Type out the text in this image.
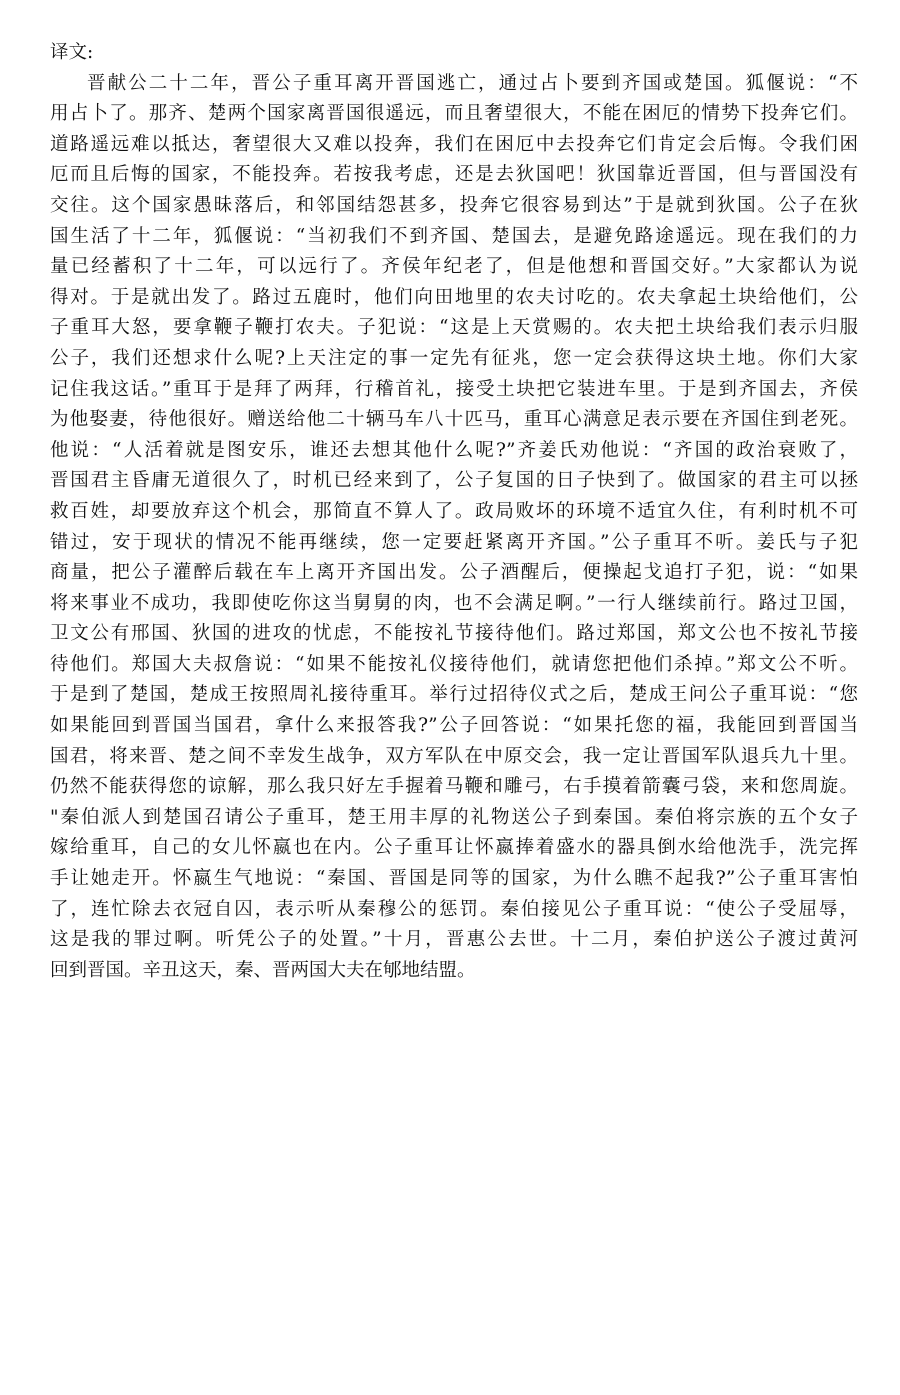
译文:
晋献公二十二年，晋公子重耳离开晋国逃亡，通过占卜要到齐国或楚国。狐偃说：“不
用占卜了。那齐、楚两个国家离晋国很遥远，而且奢望很大，不能在困厄的情势下投奔它们。
道路遥远难以抵达，奢望很大又难以投奔，我们在困厄中去投奔它们肯定会后悔。令我们困
厄而且后悔的国家，不能投奔。若按我考虑，还是去狄国吧！狄国靠近晋国，但与晋国没有
交往。这个国家愚昧落后，和邻国结怨甚多，投奔它很容易到达”于是就到狄国。公子在狄
国生活了十二年，狐偃说：“当初我们不到齐国、楚国去，是避免路途遥远。现在我们的力
量已经蓄积了十二年，可以远行了。齐侯年纪老了，但是他想和晋国交好。”大家都认为说
得对。于是就出发了。路过五鹿时，他们向田地里的农夫讨吃的。农夫拿起土块给他们，公
子重耳大怒，要拿鞭子鞭打农夫。子犯说：“这是上天赏赐的。农夫把土块给我们表示归服
公子，我们还想求什么呢?上天注定的事一定先有征兆，您一定会获得这块土地。你们大家
记住我这话。”重耳于是拜了两拜，行稽首礼，接受土块把它装进车里。于是到齐国去，齐侯
为他娶妻，待他很好。赠送给他二十辆马车八十匹马，重耳心满意足表示要在齐国住到老死。
他说：“人活着就是图安乐，谁还去想其他什么呢?”齐姜氏劝他说：“齐国的政治衰败了，
晋国君主昏庸无道很久了，时机已经来到了，公子复国的日子快到了。做国家的君主可以拯
救百姓，却要放弃这个机会，那简直不算人了。政局败坏的环境不适宜久住，有利时机不可
错过，安于现状的情况不能再继续，您一定要赶紧离开齐国。”公子重耳不听。姜氏与子犯
商量，把公子灌醉后载在车上离开齐国出发。公子酒醒后，便操起戈追打子犯，说：“如果
将来事业不成功，我即使吃你这当舅舅的肉，也不会满足啊。”一行人继续前行。路过卫国，
卫文公有邢国、狄国的进攻的忧虑，不能按礼节接待他们。路过郑国，郑文公也不按礼节接
待他们。郑国大夫叔詹说：“如果不能按礼仪接待他们，就请您把他们杀掉。”郑文公不听。
于是到了楚国，楚成王按照周礼接待重耳。举行过招待仪式之后，楚成王问公子重耳说：“您
如果能回到晋国当国君，拿什么来报答我?”公子回答说：“如果托您的福，我能回到晋国当
国君，将来晋、楚之间不幸发生战争，双方军队在中原交会，我一定让晋国军队退兵九十里。
仍然不能获得您的谅解，那么我只好左手握着马鞭和雕弓，右手摸着箭囊弓袋，来和您周旋。
"秦伯派人到楚国召请公子重耳，楚王用丰厚的礼物送公子到秦国。秦伯将宗族的五个女子
嫁给重耳，自己的女儿怀嬴也在内。公子重耳让怀嬴捧着盛水的器具倒水给他洗手，洗完挥
手让她走开。怀嬴生气地说：“秦国、晋国是同等的国家，为什么瞧不起我?”公子重耳害怕
了，连忙除去衣冠自囚，表示听从秦穆公的惩罚。秦伯接见公子重耳说：“使公子受屈辱，
这是我的罪过啊。听凭公子的处置。”十月，晋惠公去世。十二月，秦伯护送公子渡过黄河
回到晋国。辛丑这天，秦、晋两国大夫在郇地结盟。
